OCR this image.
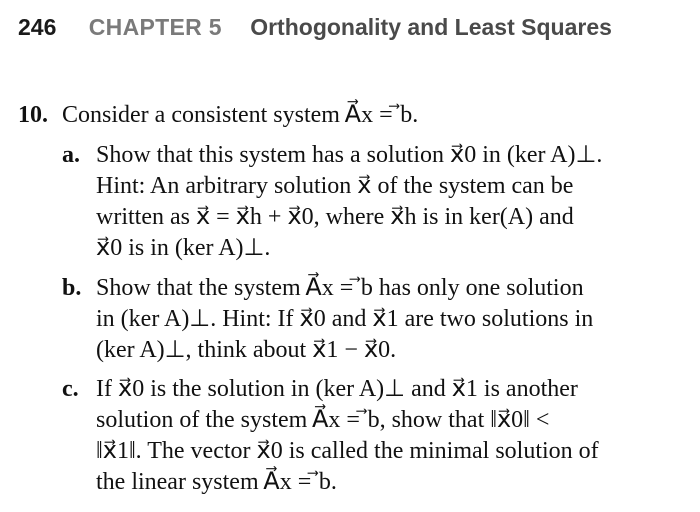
246 CHAPTER 5 Orthogonality and Least Squares
10. Consider a consistent system A⃗x = ⃗b.
a. Show that this system has a solution x⃗0 in (ker A)⊥.
Hint: An arbitrary solution x⃗ of the system can be
written as x⃗ = x⃗h + x⃗0, where x⃗h is in ker(A) and
x⃗0 is in (ker A)⊥.
b. Show that the system A⃗x = ⃗b has only one solution
in (ker A)⊥. Hint: If x⃗0 and x⃗1 are two solutions in
(ker A)⊥, think about x⃗1 − x⃗0.
c. If x⃗0 is the solution in (ker A)⊥ and x⃗1 is another
solution of the system A⃗x = ⃗b, show that ‖x⃗0‖ <
‖x⃗1‖. The vector x⃗0 is called the minimal solution of
the linear system A⃗x = ⃗b.
